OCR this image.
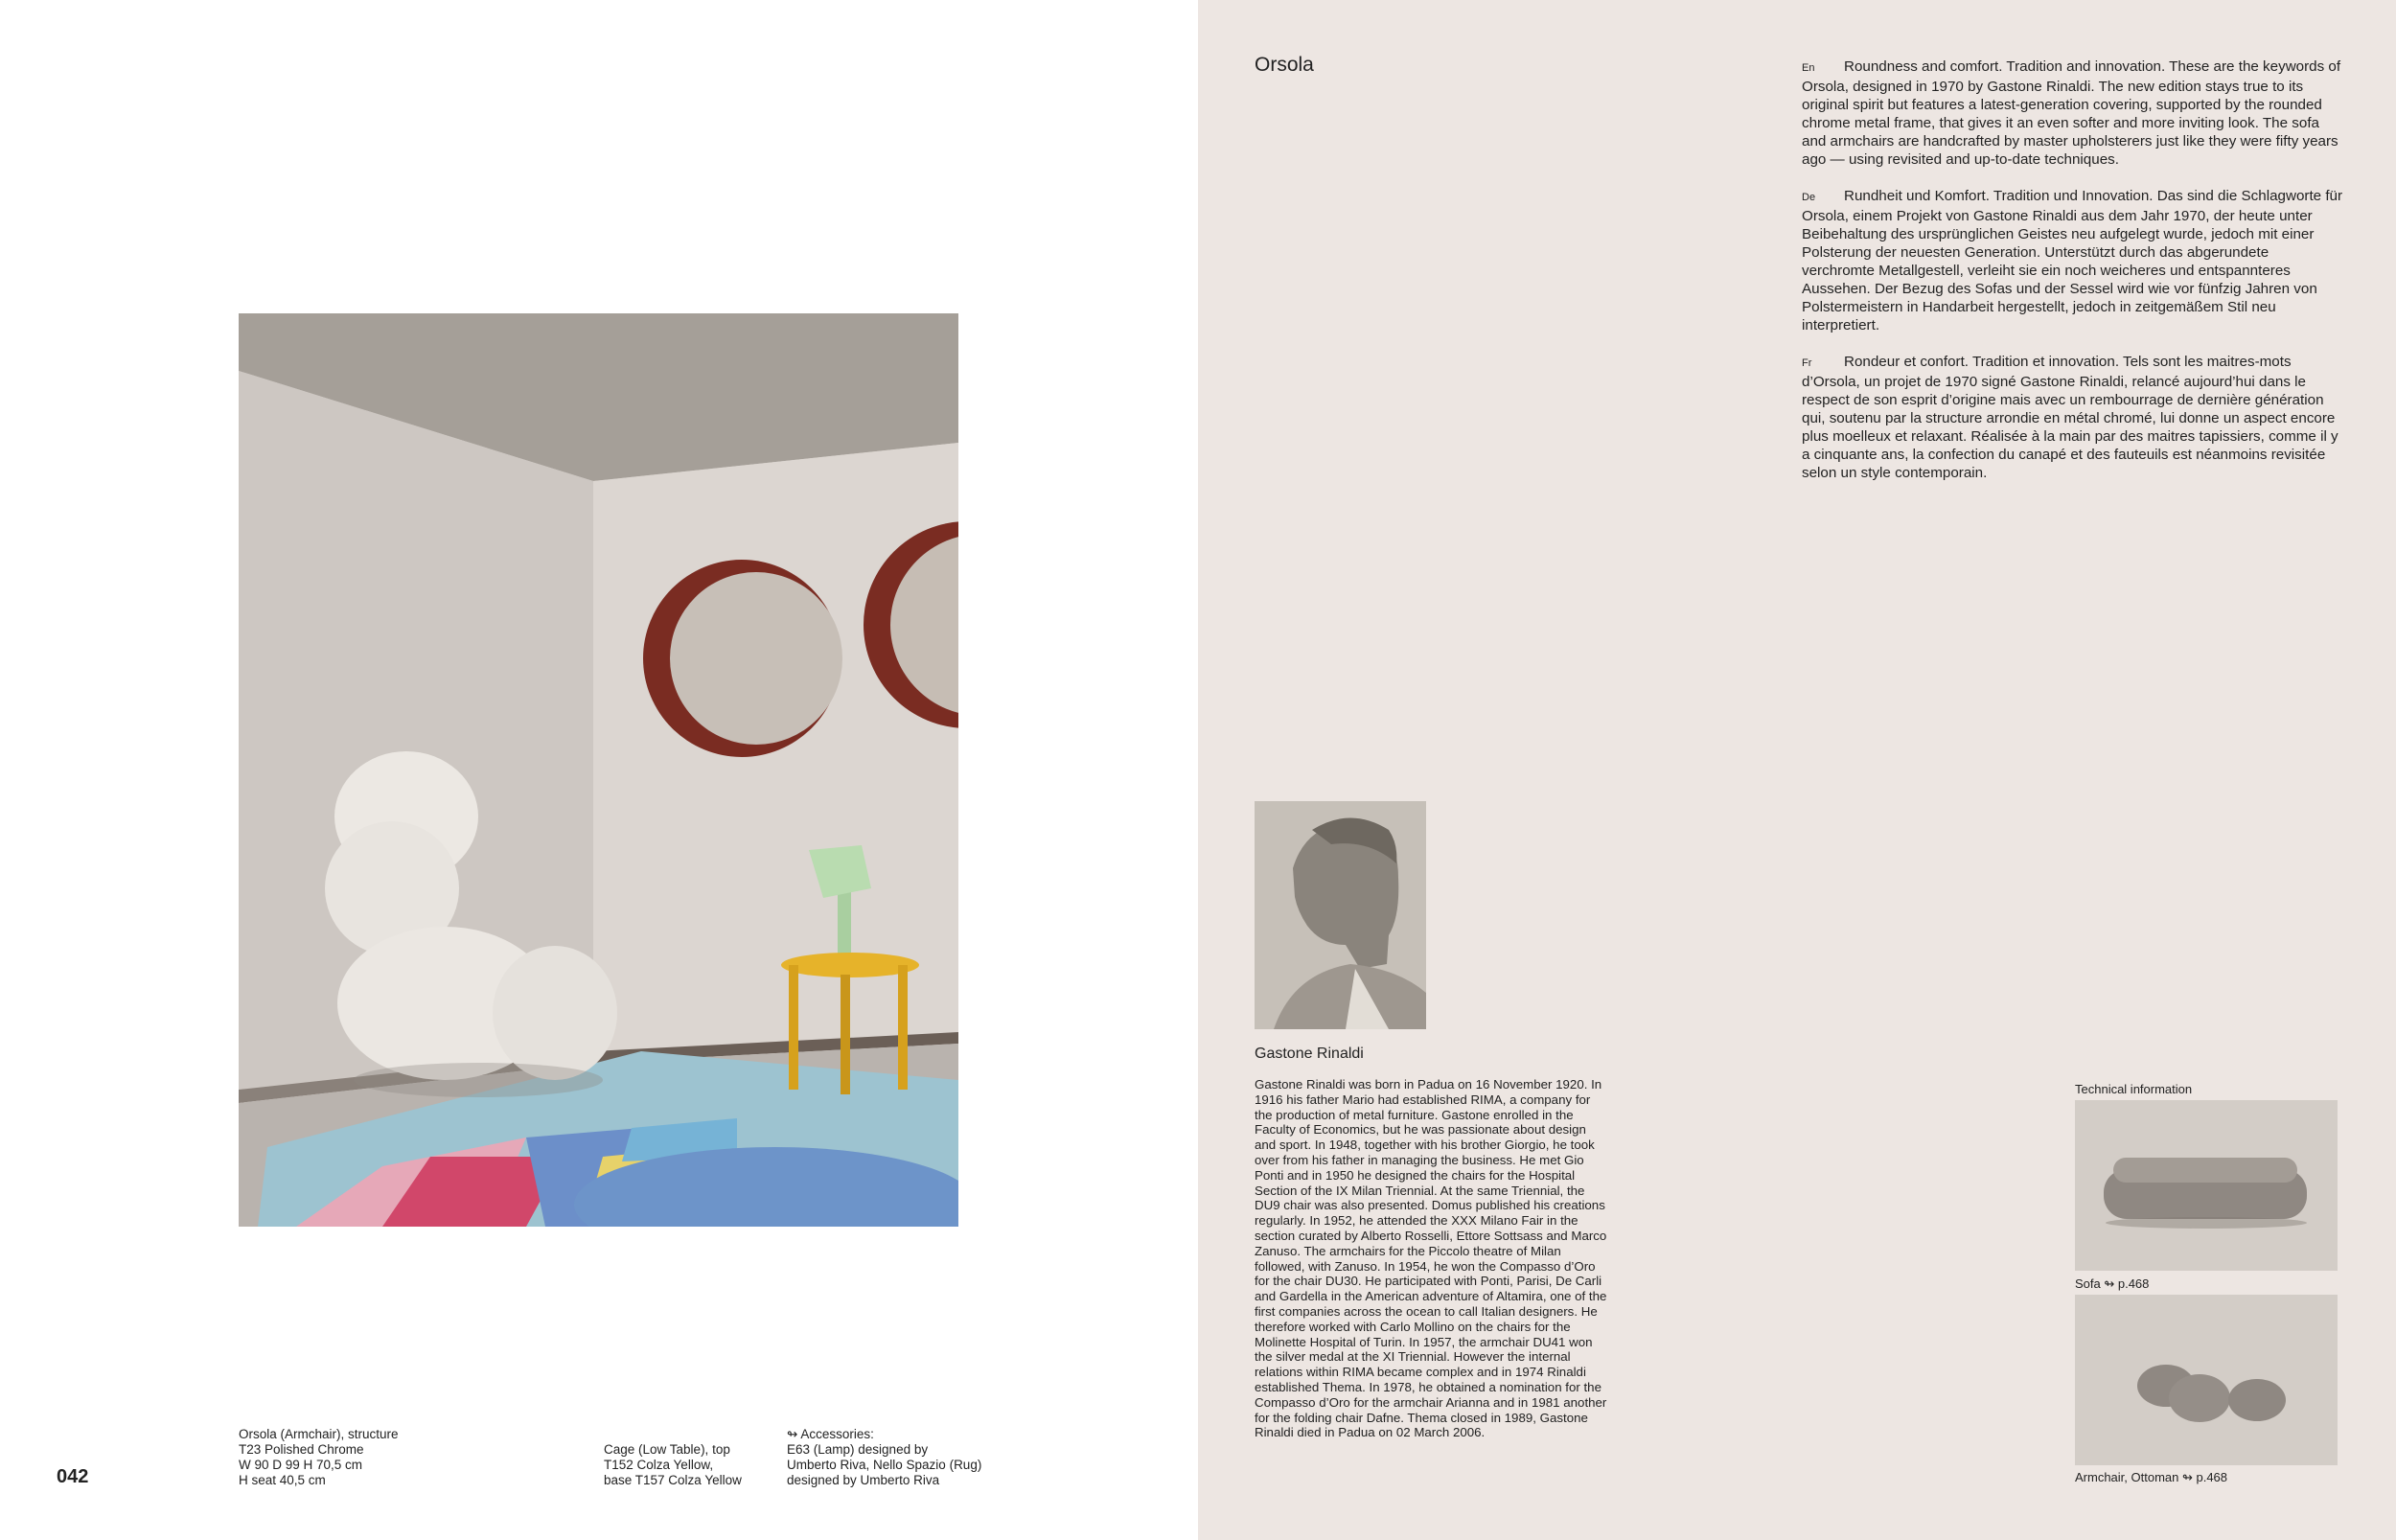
Orsola (Armchair), structure
T23 Polished Chrome
W 90 D 99 H 70,5 cm
H seat 40,5 cm
Cage (Low Table), top
T152 Colza Yellow,
base T157 Colza Yellow
↬ Accessories:
E63 (Lamp) designed by
Umberto Riva, Nello Spazio (Rug)
designed by Umberto Riva
042
Orsola	En Roundness and comfort. Tradition and innovation. These are the keywords of Orsola, designed in 1970 by Gastone Rinaldi. The new edition stays true to its original spirit but features a latest-generation covering, supported by the rounded chrome metal frame, that gives it an even softer and more inviting look. The sofa and armchairs are handcrafted by master upholsterers just like they were fifty years ago — using revisited and up-to-date techniques.

De Rundheit und Komfort. Tradition und Innovation. Das sind die Schlagworte für Orsola, einem Projekt von Gastone Rinaldi aus dem Jahr 1970, der heute unter Beibehaltung des ursprünglichen Geistes neu aufgelegt wurde, jedoch mit einer Polsterung der neuesten Generation. Unterstützt durch das abgerundete verchromte Metallgestell, verleiht sie ein noch weicheres und entspannteres Aussehen. Der Bezug des Sofas und der Sessel wird wie vor fünfzig Jahren von Polstermeistern in Handarbeit hergestellt, jedoch in zeitgemäßem Stil neu interpretiert.

Fr Rondeur et confort. Tradition et innovation. Tels sont les maitres-mots d’Orsola, un projet de 1970 signé Gastone Rinaldi, relancé aujourd’hui dans le respect de son esprit d’origine mais avec un rembourrage de dernière génération qui, soutenu par la structure arrondie en métal chromé, lui donne un aspect encore plus moelleux et relaxant. Réalisée à la main par des maitres tapissiers, comme il y a cinquante ans, la confection du canapé et des fauteuils est néanmoins revisitée selon un style contemporain.

Gastone Rinaldi
Gastone Rinaldi was born in Padua on 16 November 1920. In 1916 his father Mario had established RIMA, a company for the production of metal furniture. Gastone enrolled in the Faculty of Economics, but he was passionate about design and sport. In 1948, together with his brother Giorgio, he took over from his father in managing the business. He met Gio Ponti and in 1950 he designed the chairs for the Hospital Section of the IX Milan Triennial. At the same Triennial, the DU9 chair was also presented. Domus published his creations regularly. In 1952, he attended the XXX Milano Fair in the section curated by Alberto Rosselli, Ettore Sottsass and Marco Zanuso. The armchairs for the Piccolo theatre of Milan followed, with Zanuso. In 1954, he won the Compasso d’Oro for the chair DU30. He participated with Ponti, Parisi, De Carli and Gardella in the American adventure of Altamira, one of the first companies across the ocean to call Italian designers. He therefore worked with Carlo Mollino on the chairs for the Molinette Hospital of Turin. In 1957, the armchair DU41 won the silver medal at the XI Triennial. However the internal relations within RIMA became complex and in 1974 Rinaldi established Thema. In 1978, he obtained a nomination for the Compasso d’Oro for the armchair Arianna and in 1981 another for the folding chair Dafne. Thema closed in 1989, Gastone Rinaldi died in Padua on 02 March 2006.
Technical information
Sofa ↬ p.468
Armchair, Ottoman ↬ p.468
